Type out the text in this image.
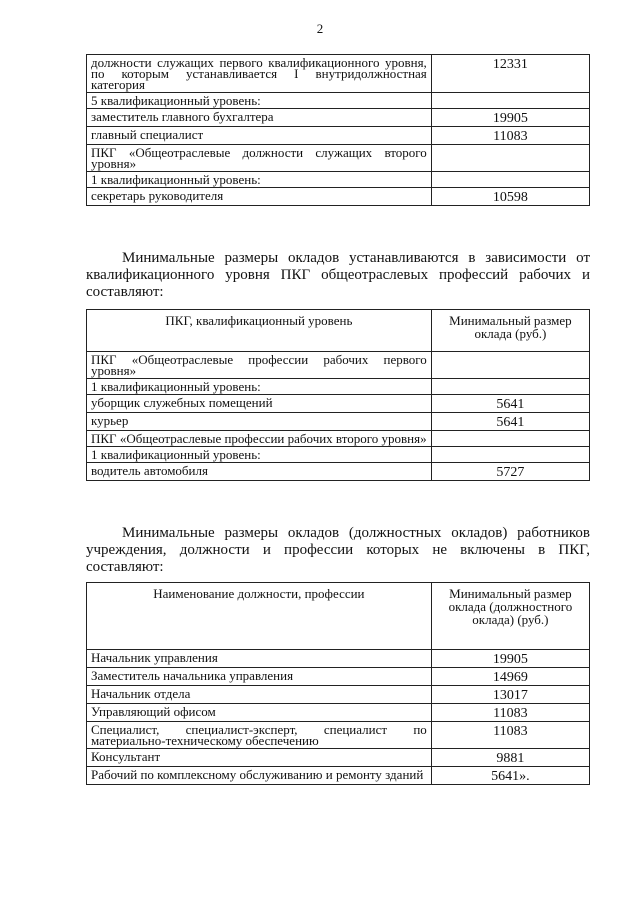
2
должности служащих первого квалификационного уровня, по которым устанавливается I внутридолжностная категория	12331
5 квалификационный уровень:	
заместитель главного бухгалтера	19905
главный специалист	11083
ПКГ «Общеотраслевые должности служащих второго уровня»	
1 квалификационный уровень:	
секретарь руководителя	10598

Минимальные размеры окладов устанавливаются в зависимости от квалификационного уровня ПКГ общеотраслевых профессий рабочих и составляют:

ПКГ, квалификационный уровень	Минимальный размер оклада (руб.)
ПКГ «Общеотраслевые профессии рабочих первого уровня»	
1 квалификационный уровень:	
уборщик служебных помещений	5641
курьер	5641
ПКГ «Общеотраслевые профессии рабочих второго уровня»	
1 квалификационный уровень:	
водитель автомобиля	5727

Минимальные размеры окладов (должностных окладов) работников учреждения, должности и профессии которых не включены в ПКГ, составляют:

Наименование должности, профессии	Минимальный размер оклада (должностного оклада) (руб.)
Начальник управления	19905
Заместитель начальника управления	14969
Начальник отдела	13017
Управляющий офисом	11083
Специалист, специалист-эксперт, специалист по материально-техническому обеспечению	11083
Консультант	9881
Рабочий по комплексному обслуживанию и ремонту зданий	5641».
